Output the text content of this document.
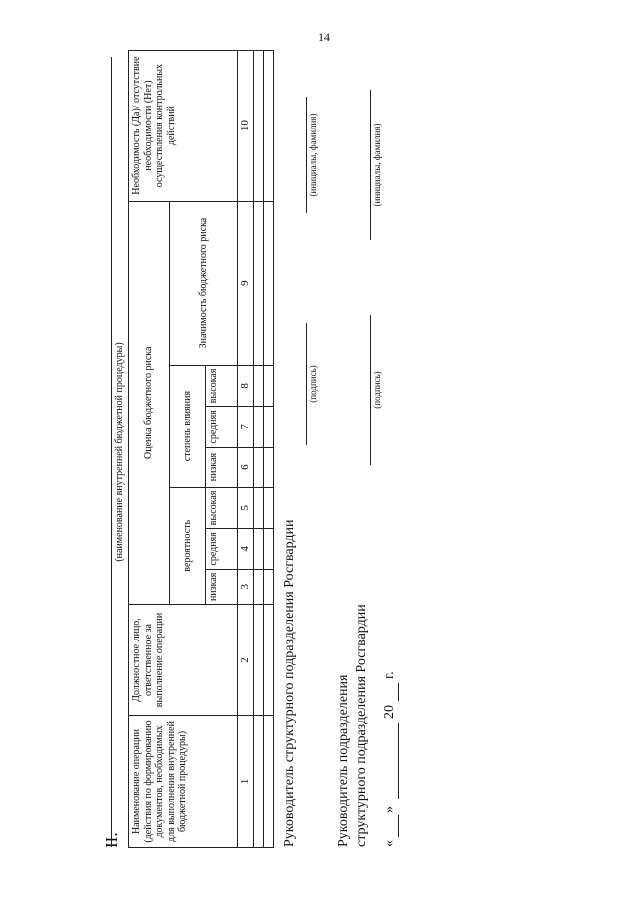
14
II.
(наименование внутренней бюджетной процедуры)
Наименование операции (действия по формированию документов, необходимых для выполнения внутренней бюджетной процедуры)	Должностное лицо, ответственное за выполнение операции	Оценка бюджетного риска							Необходимость (Да)/ отсутствие необходимости (Нет) осуществления контрольных действий
		вероятность			степень влияния			Значимость бюджетного риска	
		низкая	средняя	высокая	низкая	средняя	высокая		
1	2	3	4	5	6	7	8	9	10

Руководитель структурного подразделения Росгвардии
(подпись)
(инициалы, фамилия)
Руководитель подразделения структурного подразделения Росгвардии
(подпись)
(инициалы, фамилия)
«
»
20
г.
